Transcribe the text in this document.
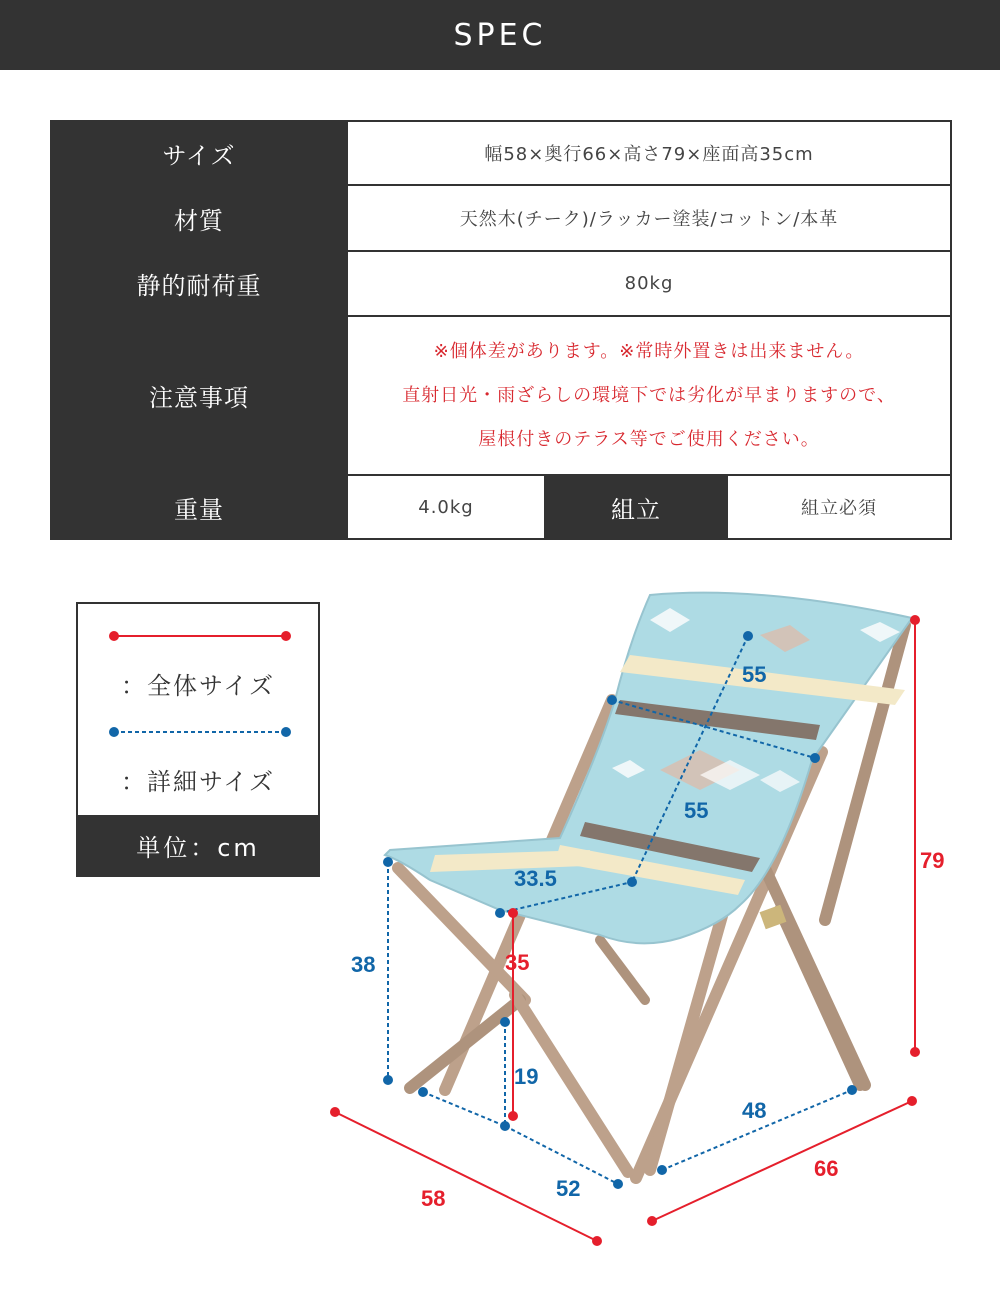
SPEC
サイズ	幅58×奥行66×高さ79×座面高35cm		
材質	天然木(チーク)/ラッカー塗装/コットン/本革		
静的耐荷重	80kg		
注意事項	※個体差があります。※常時外置きは出来ません。
直射日光・雨ざらしの環境下では劣化が早まりますので、
屋根付きのテラス等でご使用ください。		

重量	4.0kg	組立	組立必須
：全体サイズ
：詳細サイズ
単位：cm
55
55
33.5
38
19
52
48
79
35
58
66
